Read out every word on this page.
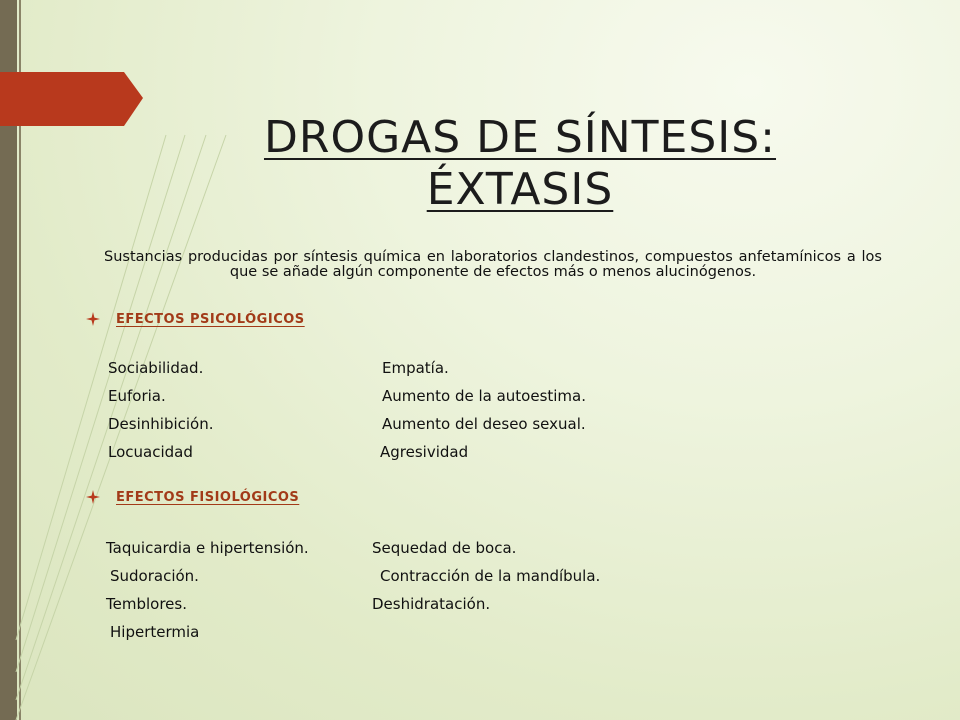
DROGAS DE SÍNTESIS: ÉXTASIS
Sustancias producidas por síntesis química en laboratorios clandestinos, compuestos anfetamínicos a los que se añade algún componente de efectos más o menos alucinógenos.
EFECTOS PSICOLÓGICOS
Sociabilidad.	Empatía.
Euforia.	Aumento de la autoestima.
Desinhibición.	Aumento del deseo sexual.
Locuacidad	Agresividad
EFECTOS FISIOLÓGICOS
Taquicardia e hipertensión.	Sequedad de boca.
Sudoración.	Contracción de la mandíbula.
Temblores.	Deshidratación.
Hipertermia
